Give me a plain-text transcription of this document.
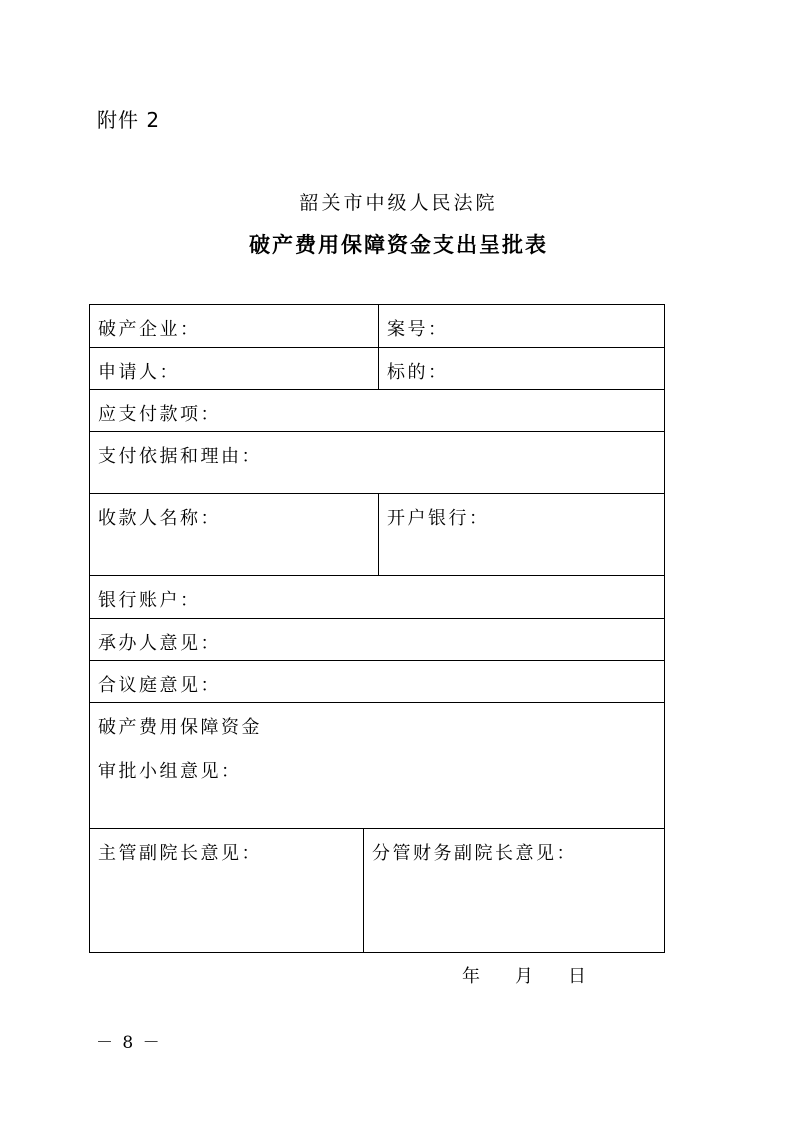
附件 2
韶关市中级人民法院
破产费用保障资金支出呈批表
破产企业：	案号：
申请人：	标的：
应支付款项：
支付依据和理由：
收款人名称：	开户银行：
银行账户：
承办人意见：
合议庭意见：
破产费用保障资金
审批小组意见：
主管副院长意见：	分管财务副院长意见：
年 月 日
－ 8 －
